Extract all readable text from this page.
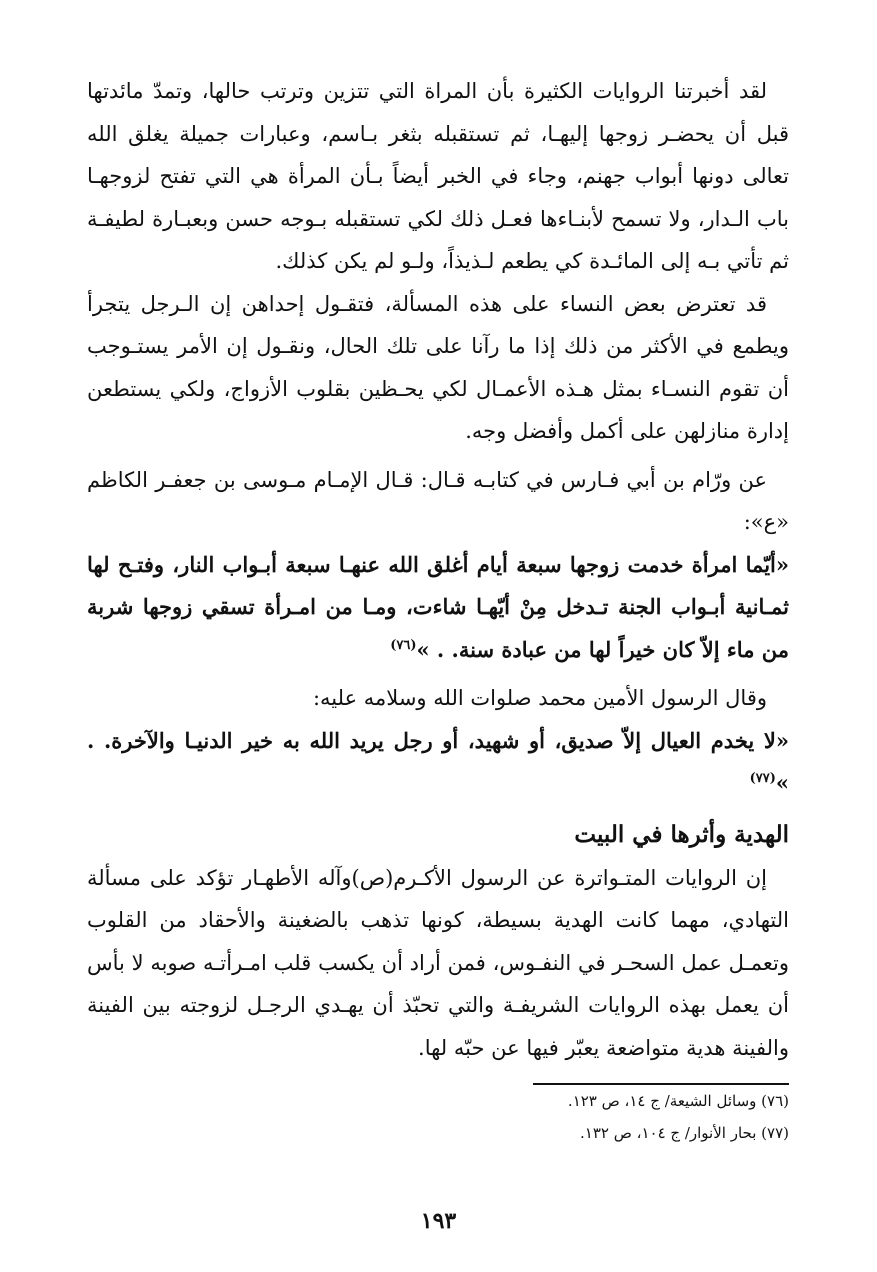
لقد أخبرتنا الروايات الكثيرة بأن المراة التي تتزين وترتب حالها، وتمدّ مائدتها قبل أن يحضـر زوجها إليهـا، ثم تستقبله بثغر بـاسم، وعبارات جميلة يغلق الله تعالى دونها أبواب جهنم، وجاء في الخبر أيضاً بـأن المرأة هي التي تفتح لزوجهـا باب الـدار، ولا تسمح لأبنـاءها فعـل ذلك لكي تستقبله بـوجه حسن وبعبـارة لطيفـة ثم تأتي بـه إلى المائـدة كي يطعم لـذيذاً، ولـو لم يكن كذلك.

قد تعترض بعض النساء على هذه المسألة، فتقـول إحداهن إن الـرجل يتجرأ ويطمع في الأكثر من ذلك إذا ما رآنا على تلك الحال، ونقـول إن الأمر يستـوجب أن تقوم النسـاء بمثل هـذه الأعمـال لكي يحـظين بقلوب الأزواج، ولكي يستطعن إدارة منازلهن على أكمل وأفضل وجه.

عن ورّام بن أبي فـارس في كتابـه قـال: قـال الإمـام مـوسى بن جعفـر الكاظم «ع»:

«أيّما امرأة خدمت زوجها سبعة أيام أغلق الله عنهـا سبعة أبـواب النار، وفتـح لها ثمـانية أبـواب الجنة تـدخل مِنْ أيّهـا شاءت، ومـا من امـرأة تسقي زوجها شربة من ماء إلاّ كان خيراً لها من عبادة سنة. . »$^{(٧٦)}$

وقال الرسول الأمين محمد صلوات الله وسلامه عليه:

«لا يخدم العيال إلاّ صديق، أو شهيد، أو رجل يريد الله به خير الدنيـا والآخرة. . »$^{(٧٧)}$

الهدية وأثرها في البيت

إن الروايات المتـواترة عن الرسول الأكـرم(ص)وآله الأطهـار تؤكد على مسألة التهادي، مهما كانت الهدية بسيطة، كونها تذهب بالضغينة والأحقاد من القلوب وتعمـل عمل السحـر في النفـوس، فمن أراد أن يكسب قلب امـرأتـه صوبه لا بأس أن يعمل بهذه الروايات الشريفـة والتي تحبّذ أن يهـدي الرجـل لزوجته بين الفينة والفينة هدية متواضعة يعبّر فيها عن حبّه لها.

(٧٦) وسائل الشيعة/ ج ١٤، ص ١٢٣.

(٧٧) بحار الأنوار/ ج ١٠٤، ص ١٣٢.

١٩٣
